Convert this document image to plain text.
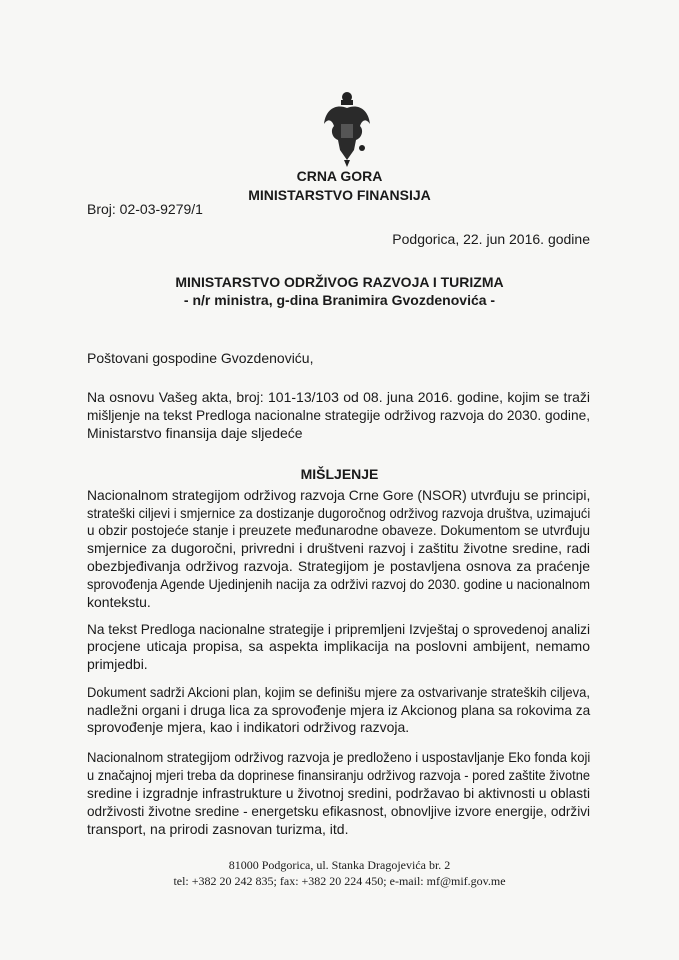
CRNA GORA
MINISTARSTVO FINANSIJA
Broj: 02-03-9279/1
Podgorica, 22. jun 2016. godine
MINISTARSTVO ODRŽIVOG RAZVOJA I TURIZMA
- n/r ministra, g-dina Branimira Gvozdenovića -
Poštovani gospodine Gvozdenoviću,
Na osnovu Vašeg akta, broj: 101-13/103 od 08. juna 2016. godine, kojim se traži
mišljenje na tekst Predloga nacionalne strategije održivog razvoja do 2030. godine,
Ministarstvo finansija daje sljedeće
MIŠLJENJE
Nacionalnom strategijom održivog razvoja Crne Gore (NSOR) utvrđuju se principi,
strateški ciljevi i smjernice za dostizanje dugoročnog održivog razvoja društva, uzimajući
u obzir postojeće stanje i preuzete međunarodne obaveze. Dokumentom se utvrđuju
smjernice za dugoročni, privredni i društveni razvoj i zaštitu životne sredine, radi
obezbjeđivanja održivog razvoja. Strategijom je postavljena osnova za praćenje
sprovođenja Agende Ujedinjenih nacija za održivi razvoj do 2030. godine u nacionalnom
kontekstu.
Na tekst Predloga nacionalne strategije i pripremljeni Izvještaj o sprovedenoj analizi
procjene uticaja propisa, sa aspekta implikacija na poslovni ambijent, nemamo
primjedbi.
Dokument sadrži Akcioni plan, kojim se definišu mjere za ostvarivanje strateških ciljeva,
nadležni organi i druga lica za sprovođenje mjera iz Akcionog plana sa rokovima za
sprovođenje mjera, kao i indikatori održivog razvoja.
Nacionalnom strategijom održivog razvoja je predloženo i uspostavljanje Eko fonda koji
u značajnoj mjeri treba da doprinese finansiranju održivog razvoja - pored zaštite životne
sredine i izgradnje infrastrukture u životnoj sredini, podržavao bi aktivnosti u oblasti
održivosti životne sredine - energetsku efikasnost, obnovljive izvore energije, održivi
transport, na prirodi zasnovan turizma, itd.
81000 Podgorica, ul. Stanka Dragojevića br. 2
tel: +382 20 242 835; fax: +382 20 224 450; e-mail: mf@mif.gov.me
